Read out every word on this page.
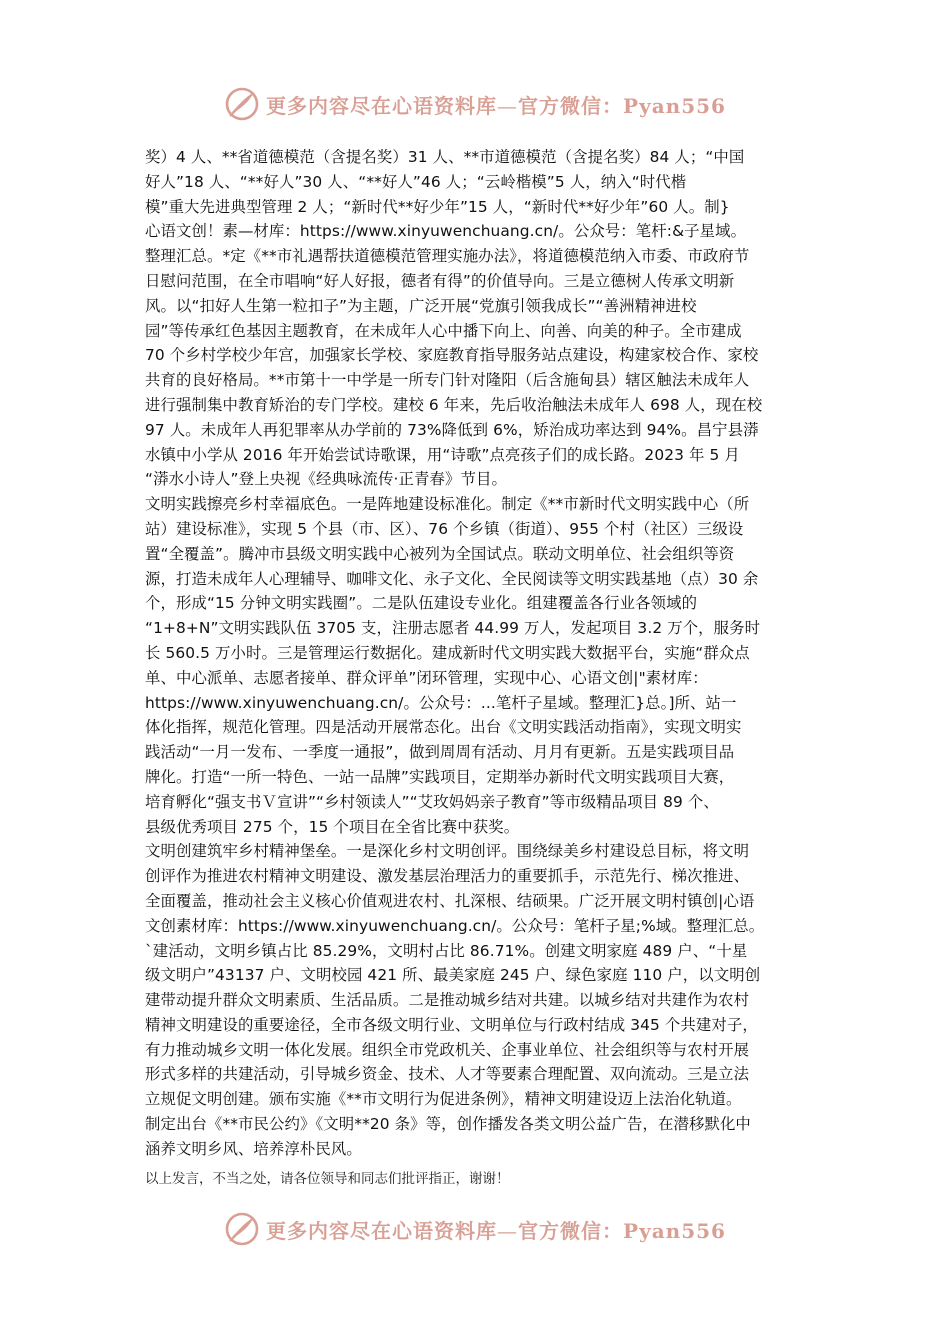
更多内容尽在心语资料库—官方微信：Pyan556
奖）4 人、**省道德模范（含提名奖）31 人、**市道德模范（含提名奖）84 人；“中国
好人”18 人、“**好人”30 人、“**好人”46 人；“云岭楷模”5 人，纳入“时代楷
模”重大先进典型管理 2 人；“新时代**好少年”15 人，“新时代**好少年”60 人。制}
心语文创！素—材库：https://www.xinyuwenchuang.cn/。公众号：笔杆:&子星域。
整理汇总。*定《**市礼遇帮扶道德模范管理实施办法》，将道德模范纳入市委、市政府节
日慰问范围，在全市唱响“好人好报，德者有得”的价值导向。三是立德树人传承文明新
风。以“扣好人生第一粒扣子”为主题，广泛开展“党旗引领我成长”“善洲精神进校
园”等传承红色基因主题教育，在未成年人心中播下向上、向善、向美的种子。全市建成
70 个乡村学校少年宫，加强家长学校、家庭教育指导服务站点建设，构建家校合作、家校
共育的良好格局。**市第十一中学是一所专门针对隆阳（后含施甸县）辖区触法未成年人
进行强制集中教育矫治的专门学校。建校 6 年来，先后收治触法未成年人 698 人，现在校
97 人。未成年人再犯罪率从办学前的 73%降低到 6%，矫治成功率达到 94%。昌宁县漭
水镇中小学从 2016 年开始尝试诗歌课，用“诗歌”点亮孩子们的成长路。2023 年 5 月
“漭水小诗人”登上央视《经典咏流传·正青春》节目。
文明实践擦亮乡村幸福底色。一是阵地建设标准化。制定《**市新时代文明实践中心（所
站）建设标准》，实现 5 个县（市、区）、76 个乡镇（街道）、955 个村（社区）三级设
置“全覆盖”。腾冲市县级文明实践中心被列为全国试点。联动文明单位、社会组织等资
源，打造未成年人心理辅导、咖啡文化、永子文化、全民阅读等文明实践基地（点）30 余
个，形成“15 分钟文明实践圈”。二是队伍建设专业化。组建覆盖各行业各领域的
“1+8+N”文明实践队伍 3705 支，注册志愿者 44.99 万人，发起项目 3.2 万个，服务时
长 560.5 万小时。三是管理运行数据化。建成新时代文明实践大数据平台，实施“群众点
单、中心派单、志愿者接单、群众评单”闭环管理，实现中心、心语文创|"素材库：
https://www.xinyuwenchuang.cn/。公众号：...笔杆子星域。整理汇}总。]所、站一
体化指挥，规范化管理。四是活动开展常态化。出台《文明实践活动指南》，实现文明实
践活动“一月一发布、一季度一通报”，做到周周有活动、月月有更新。五是实践项目品
牌化。打造“一所一特色、一站一品牌”实践项目，定期举办新时代文明实践项目大赛，
培育孵化“强支书Ｖ宣讲”“乡村领读人”“艾玫妈妈亲子教育”等市级精品项目 89 个、
县级优秀项目 275 个，15 个项目在全省比赛中获奖。
文明创建筑牢乡村精神堡垒。一是深化乡村文明创评。围绕绿美乡村建设总目标，将文明
创评作为推进农村精神文明建设、激发基层治理活力的重要抓手，示范先行、梯次推进、
全面覆盖，推动社会主义核心价值观进农村、扎深根、结硕果。广泛开展文明村镇创|心语
文创素材库：https://www.xinyuwenchuang.cn/。公众号：笔杆子星;%域。整理汇总。
`建活动，文明乡镇占比 85.29%，文明村占比 86.71%。创建文明家庭 489 户、“十星
级文明户”43137 户、文明校园 421 所、最美家庭 245 户、绿色家庭 110 户，以文明创
建带动提升群众文明素质、生活品质。二是推动城乡结对共建。以城乡结对共建作为农村
精神文明建设的重要途径，全市各级文明行业、文明单位与行政村结成 345 个共建对子，
有力推动城乡文明一体化发展。组织全市党政机关、企事业单位、社会组织等与农村开展
形式多样的共建活动，引导城乡资金、技术、人才等要素合理配置、双向流动。三是立法
立规促文明创建。颁布实施《**市文明行为促进条例》，精神文明建设迈上法治化轨道。
制定出台《**市民公约》《文明**20 条》等，创作播发各类文明公益广告，在潜移默化中
涵养文明乡风、培养淳朴民风。
以上发言，不当之处，请各位领导和同志们批评指正，谢谢！
更多内容尽在心语资料库—官方微信：Pyan556
